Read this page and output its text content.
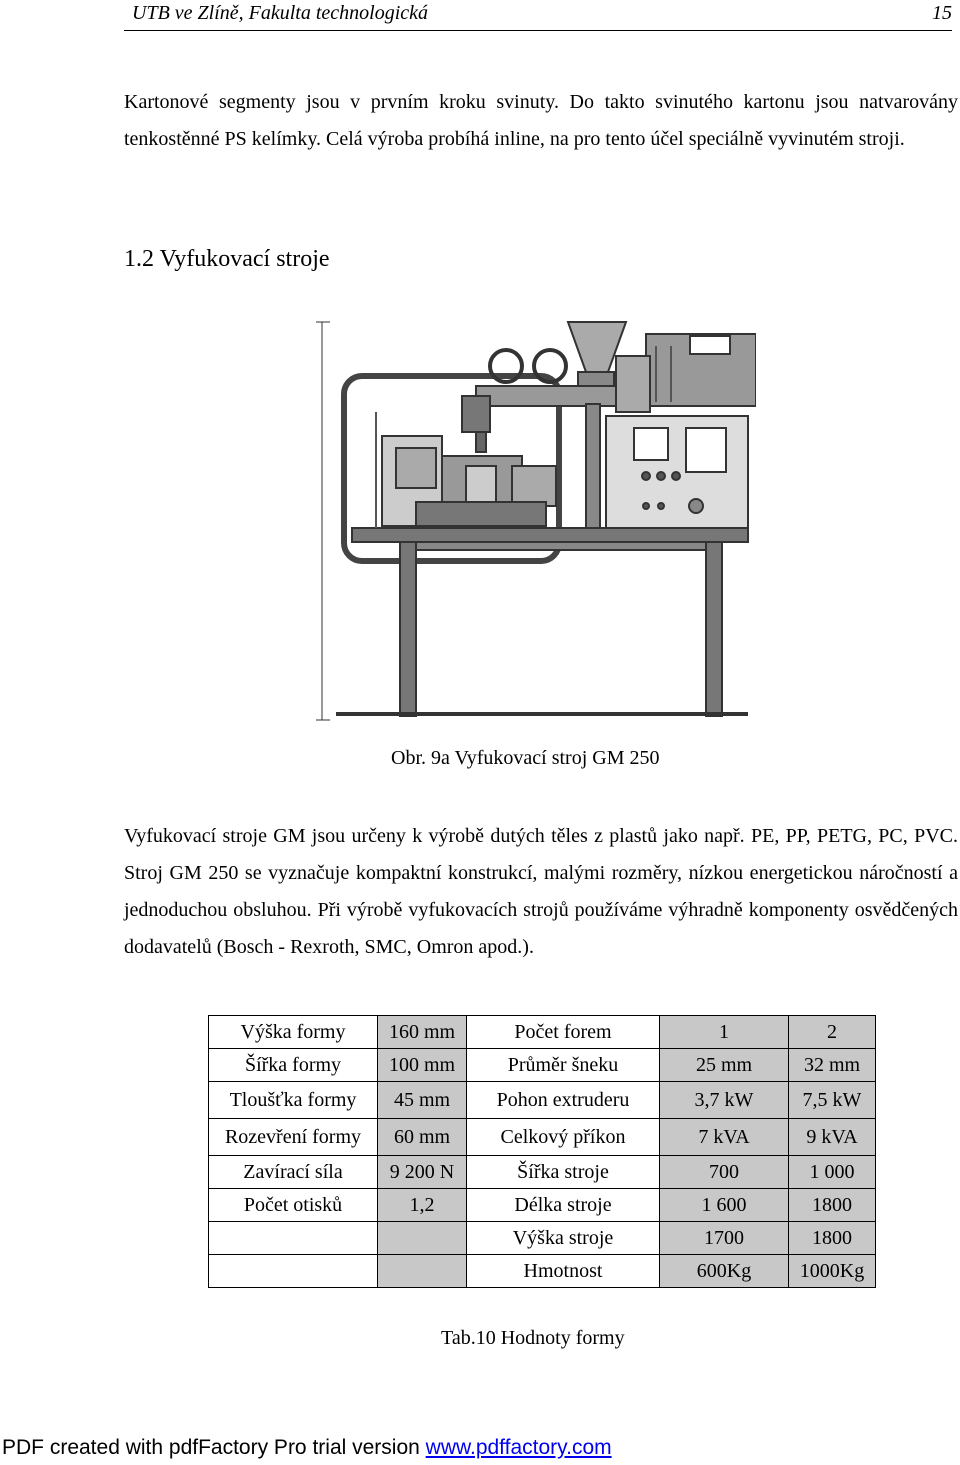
UTB ve Zlíně, Fakulta technologická	15

Kartonové segmenty jsou v prvním kroku svinuty. Do takto svinutého kartonu jsou natvarovány tenkostěnné PS kelímky. Celá výroba probíhá inline, na pro tento účel speciálně vyvinutém stroji.

1.2 Vyfukovací stroje
Obr. 9a Vyfukovací stroj GM 250

Vyfukovací stroje GM jsou určeny k výrobě dutých těles z plastů jako např. PE, PP, PETG, PC, PVC. Stroj GM 250 se vyznačuje kompaktní konstrukcí, malými rozměry, nízkou energetickou náročností a jednoduchou obsluhou. Při výrobě vyfukovacích strojů používáme výhradně komponenty osvědčených dodavatelů (Bosch - Rexroth, SMC, Omron apod.).

Výška formy	160 mm	Počet forem	1	2
Šířka formy	100 mm	Průměr šneku	25 mm	32 mm
Tloušťka formy	45 mm	Pohon extruderu	3,7 kW	7,5 kW
Rozevření formy	60 mm	Celkový příkon	7 kVA	9 kVA
Zavírací síla	9 200 N	Šířka stroje	700	1 000
Počet otisků	1,2	Délka stroje	1 600	1800
		Výška stroje	1700	1800
		Hmotnost	600Kg	1000Kg
Tab.10 Hodnoty formy
PDF created with pdfFactory Pro trial version www.pdffactory.com
